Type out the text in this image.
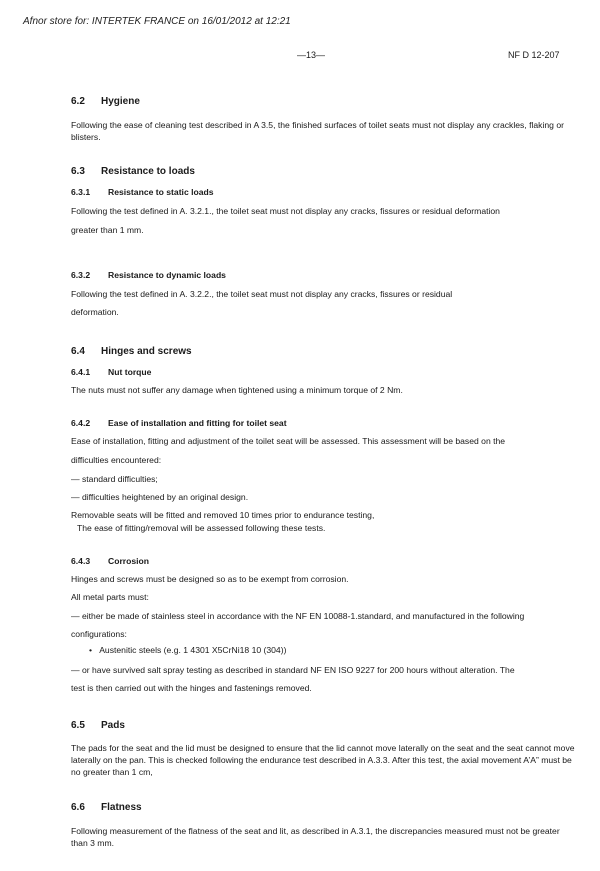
Afnor store for: INTERTEK FRANCE on 16/01/2012 at 12:21
—13—	NF D 12-207
6.2 Hygiene
Following the ease of cleaning test described in A 3.5, the finished surfaces of toilet seats must not display any crackles, flaking or blisters.
6.3 Resistance to loads
6.3.1 Resistance to static loads
Following the test defined in A. 3.2.1., the toilet seat must not display any cracks, fissures or residual deformation
greater than 1 mm.
6.3.2 Resistance to dynamic loads
Following the test defined in A. 3.2.2., the toilet seat must not display any cracks, fissures or residual
deformation.
6.4 Hinges and screws
6.4.1 Nut torque
The nuts must not suffer any damage when tightened using a minimum torque of 2 Nm.
6.4.2 Ease of installation and fitting for toilet seat
Ease of installation, fitting and adjustment of the toilet seat will be assessed. This assessment will be based on the
difficulties encountered:
— standard difficulties;
— difficulties heightened by an original design.
Removable seats will be fitted and removed 10 times prior to endurance testing,
The ease of fitting/removal will be assessed following these tests.
6.4.3 Corrosion
Hinges and screws must be designed so as to be exempt from corrosion.
All metal parts must:
— either be made of stainless steel in accordance with the NF EN 10088-1.standard, and manufactured in the following
configurations:
• Austenitic steels (e.g. 1 4301 X5CrNi18 10 (304))
— or have survived salt spray testing as described in standard NF EN ISO 9227 for 200 hours without alteration. The
test is then carried out with the hinges and fastenings removed.
6.5 Pads
The pads for the seat and the lid must be designed to ensure that the lid cannot move laterally on the seat and the seat cannot move laterally on the pan. This is checked following the endurance test described in A.3.3. After this test, the axial movement A’A” must be no greater than 1 cm,
6.6 Flatness
Following measurement of the flatness of the seat and lit, as described in A.3.1, the discrepancies measured must not be greater than 3 mm.
